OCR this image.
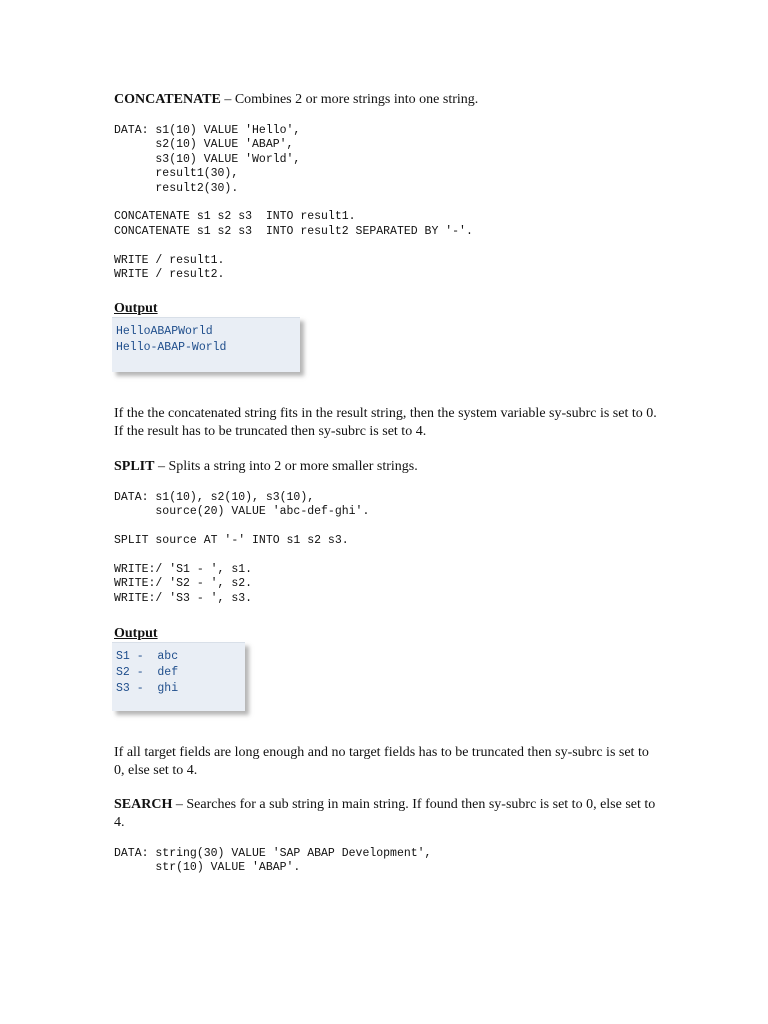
CONCATENATE – Combines 2 or more strings into one string.
DATA: s1(10) VALUE 'Hello',
s2(10) VALUE 'ABAP',
s3(10) VALUE 'World',
result1(30),
result2(30).

CONCATENATE s1 s2 s3  INTO result1.
CONCATENATE s1 s2 s3  INTO result2 SEPARATED BY '-'.

WRITE / result1.
WRITE / result2.
Output
HelloABAPWorld
Hello-ABAP-World
If the the concatenated string fits in the result string, then the system variable sy-subrc is set to 0. If the result has to be truncated then sy-subrc is set to 4.
SPLIT – Splits a string into 2 or more smaller strings.
DATA: s1(10), s2(10), s3(10),
source(20) VALUE 'abc-def-ghi'.

SPLIT source AT '-' INTO s1 s2 s3.

WRITE:/ 'S1 - ', s1.
WRITE:/ 'S2 - ', s2.
WRITE:/ 'S3 - ', s3.
Output
S1 -  abc
S2 -  def
S3 -  ghi
If all target fields are long enough and no target fields has to be truncated then sy-subrc is set to 0, else set to 4.
SEARCH – Searches for a sub string in main string. If found then sy-subrc is set to 0, else set to 4.
DATA: string(30) VALUE 'SAP ABAP Development',
str(10) VALUE 'ABAP'.
